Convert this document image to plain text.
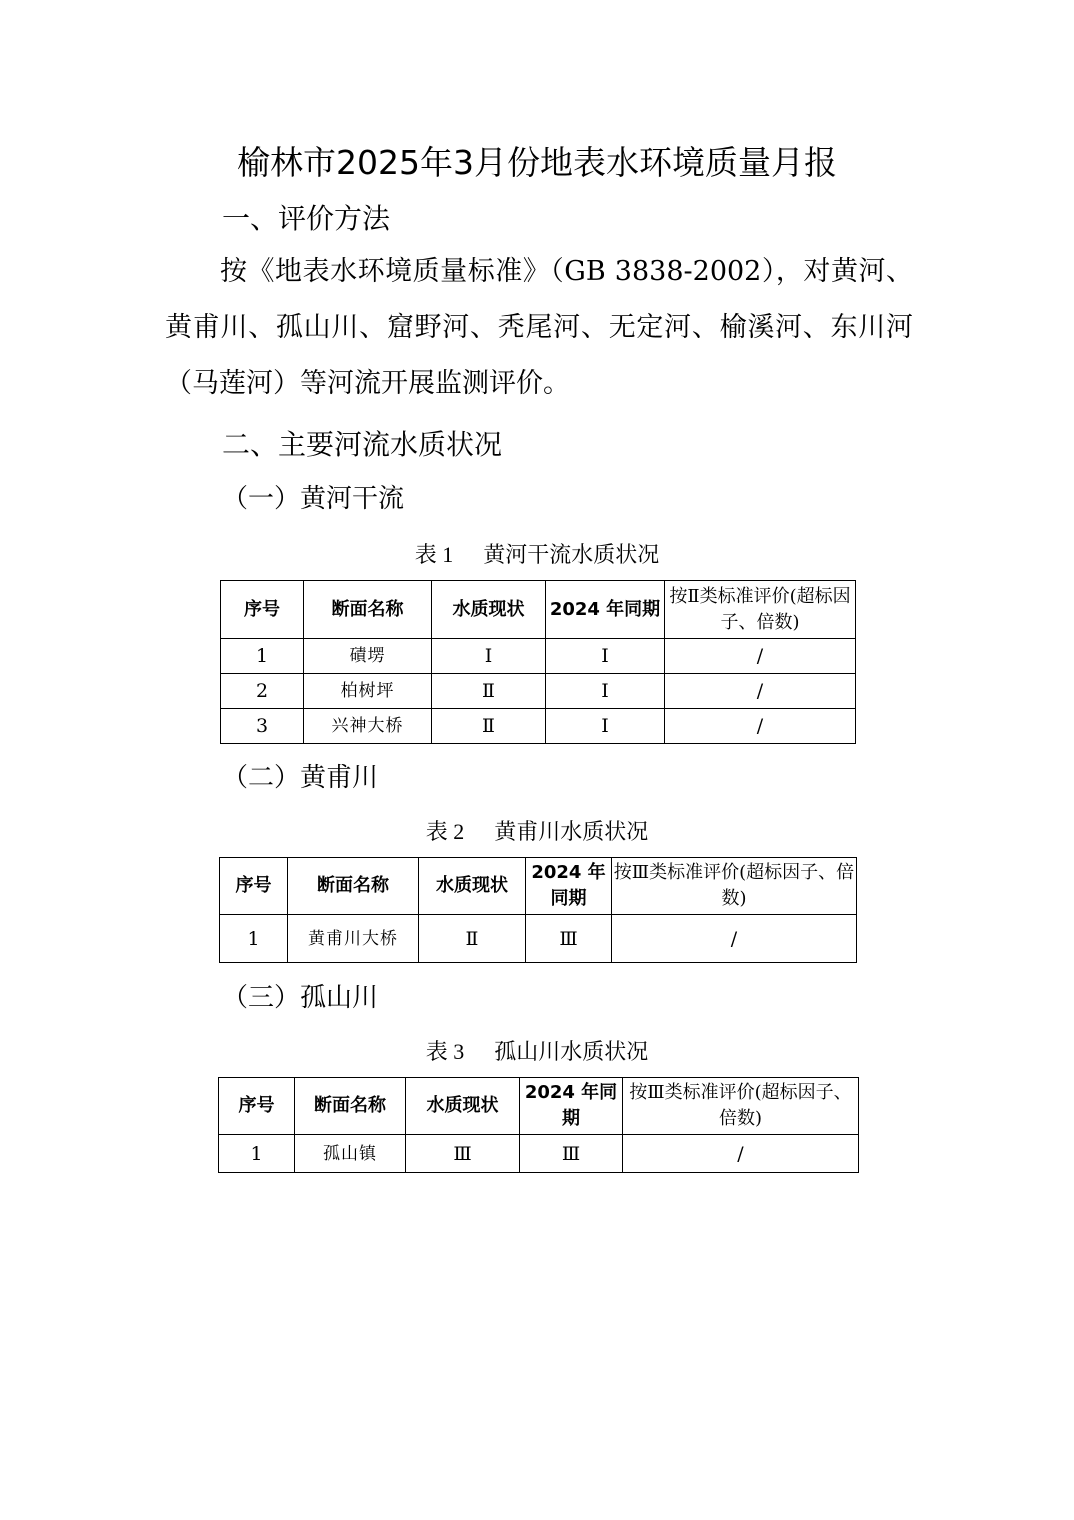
榆林市2025年3月份地表水环境质量月报
一、评价方法
按《地表水环境质量标准》（GB 3838-2002），对黄河、黄甫川、孤山川、窟野河、秃尾河、无定河、榆溪河、东川河（马莲河）等河流开展监测评价。
二、主要河流水质状况
（一）黄河干流
表 1 黄河干流水质状况
序号	断面名称	水质现状	2024 年同期	按Ⅱ类标准评价(超标因子、倍数)
1	磧塄	Ⅰ	Ⅰ	/
2	柏树坪	Ⅱ	Ⅰ	/
3	兴神大桥	Ⅱ	Ⅰ	/
（二）黄甫川
表 2 黄甫川水质状况
序号	断面名称	水质现状	2024 年同期	按Ⅲ类标准评价(超标因子、倍数)
1	黄甫川大桥	Ⅱ	Ⅲ	/
（三）孤山川
表 3 孤山川水质状况
序号	断面名称	水质现状	2024 年同期	按Ⅲ类标准评价(超标因子、倍数)
1	孤山镇	Ⅲ	Ⅲ	/
